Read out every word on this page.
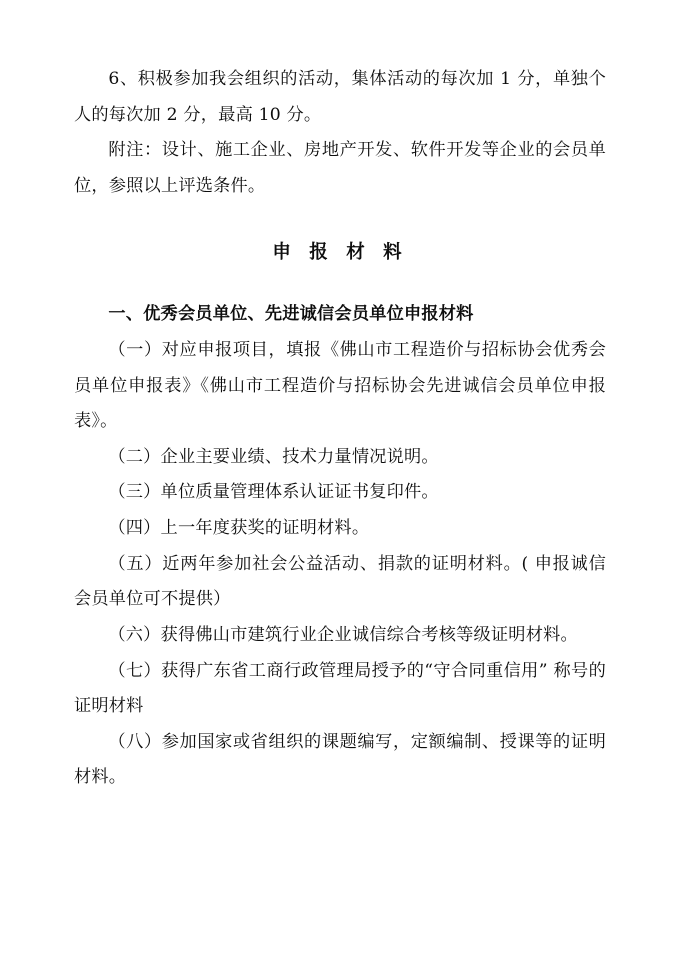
6、积极参加我会组织的活动，集体活动的每次加 1 分，单独个人的每次加 2 分，最高 10 分。

附注：设计、施工企业、房地产开发、软件开发等企业的会员单位，参照以上评选条件。

申 报 材 料

一、优秀会员单位、先进诚信会员单位申报材料

（一）对应申报项目，填报《佛山市工程造价与招标协会优秀会员单位申报表》《佛山市工程造价与招标协会先进诚信会员单位申报表》。

（二）企业主要业绩、技术力量情况说明。

（三）单位质量管理体系认证证书复印件。

（四）上一年度获奖的证明材料。

（五）近两年参加社会公益活动、捐款的证明材料。( 申报诚信会员单位可不提供）

（六）获得佛山市建筑行业企业诚信综合考核等级证明材料。

（七）获得广东省工商行政管理局授予的“守合同重信用” 称号的证明材料

（八）参加国家或省组织的课题编写，定额编制、授课等的证明材料。
